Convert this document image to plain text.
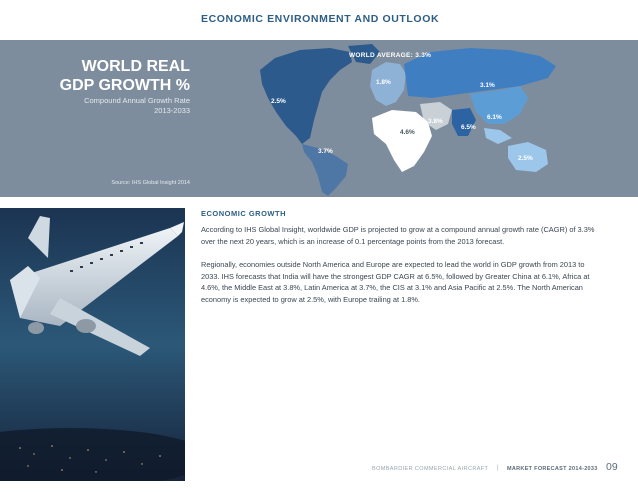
ECONOMIC ENVIRONMENT AND OUTLOOK
WORLD REAL
GDP GROWTH %
Compound Annual Growth Rate
2013-2033
Source: IHS Global Insight 2014
WORLD AVERAGE: 3.3%
2.5%
1.8%	3.1%
6.1%
3.8%
6.5%
4.6%
3.7%
2.5%
ECONOMIC GROWTH

According to IHS Global Insight, worldwide GDP is projected to grow at a compound annual growth rate (CAGR) of 3.3% over the next 20 years, which is an increase of 0.1 percentage points from the 2013 forecast.

Regionally, economies outside North America and Europe are expected to lead the world in GDP growth from 2013 to 2033. IHS forecasts that India will have the strongest GDP CAGR at 6.5%, followed by Greater China at 6.1%, Africa at 4.6%, the Middle East at 3.8%, Latin America at 3.7%, the CIS at 3.1% and Asia Pacific at 2.5%. The North American economy is expected to grow at 2.5%, with Europe trailing at 1.8%.

BOMBARDIER COMMERCIAL AIRCRAFT | MARKET FORECAST 2014-2033 09
